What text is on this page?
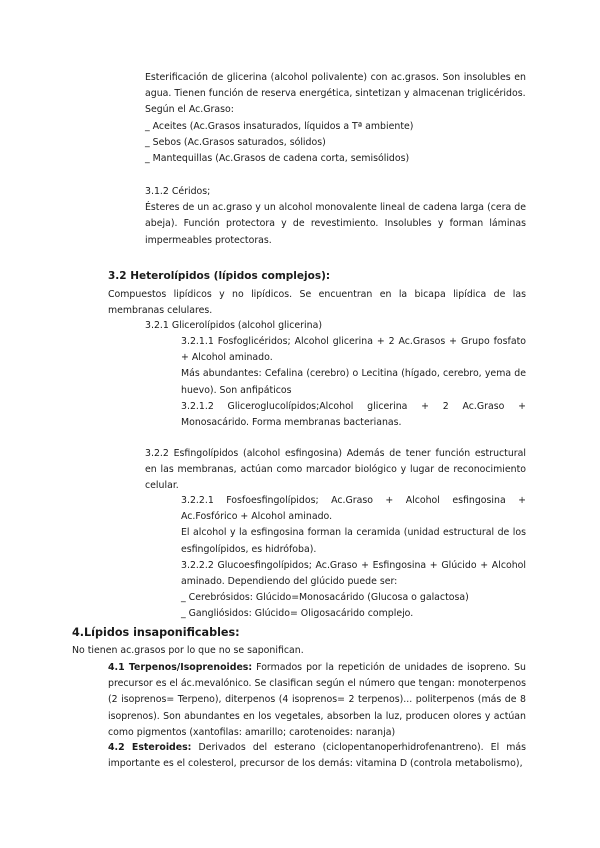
Esterificación de glicerina (alcohol polivalente) con ac.grasos. Son insolubles en agua. Tienen función de reserva energética, sintetizan y almacenan triglicéridos.

Según el Ac.Graso:

_ Aceites (Ac.Grasos insaturados, líquidos a Tª ambiente)

_ Sebos (Ac.Grasos saturados, sólidos)

_ Mantequillas (Ac.Grasos de cadena corta, semisólidos)

3.1.2 Céridos;

Ésteres de un ac.graso y un alcohol monovalente lineal de cadena larga (cera de abeja). Función protectora y de revestimiento. Insolubles y forman láminas impermeables protectoras.

3.2 Heterolípidos (lípidos complejos):
Compuestos lipídicos y no lipídicos. Se encuentran en la bicapa lipídica de las membranas celulares.
3.2.1 Glicerolípidos (alcohol glicerina)

3.2.1.1 Fosfoglicéridos; Alcohol glicerina + 2 Ac.Grasos + Grupo fosfato + Alcohol aminado.

Más abundantes: Cefalina (cerebro) o Lecitina (hígado, cerebro, yema de huevo). Son anfipáticos

3.2.1.2 Gliceroglucolípidos;Alcohol glicerina + 2 Ac.Graso + Monosacárido. Forma membranas bacterianas.

3.2.2 Esfingolípidos (alcohol esfingosina) Además de tener función estructural en las membranas, actúan como marcador biológico y lugar de reconocimiento celular.

3.2.2.1 Fosfoesfingolípidos; Ac.Graso + Alcohol esfingosina + Ac.Fosfórico + Alcohol aminado.

El alcohol y la esfingosina forman la ceramida (unidad estructural de los esfingolípidos, es hidrófoba).

3.2.2.2 Glucoesfingolípidos; Ac.Graso + Esfingosina + Glúcido + Alcohol aminado. Dependiendo del glúcido puede ser:

_ Cerebrósidos: Glúcido=Monosacárido (Glucosa o galactosa)

_ Gangliósidos: Glúcido= Oligosacárido complejo.

4.Lípidos insaponificables:
No tienen ac.grasos por lo que no se saponifican.
4.1 Terpenos/Isoprenoides: Formados por la repetición de unidades de isopreno. Su precursor es el ác.mevalónico. Se clasifican según el número que tengan: monoterpenos (2 isoprenos= Terpeno), diterpenos (4 isoprenos= 2 terpenos)... politerpenos (más de 8 isoprenos). Son abundantes en los vegetales, absorben la luz, producen olores y actúan como pigmentos (xantofilas: amarillo; carotenoides: naranja)
4.2 Esteroides: Derivados del esterano (ciclopentanoperhidrofenantreno). El más importante es el colesterol, precursor de los demás: vitamina D (controla metabolismo),
